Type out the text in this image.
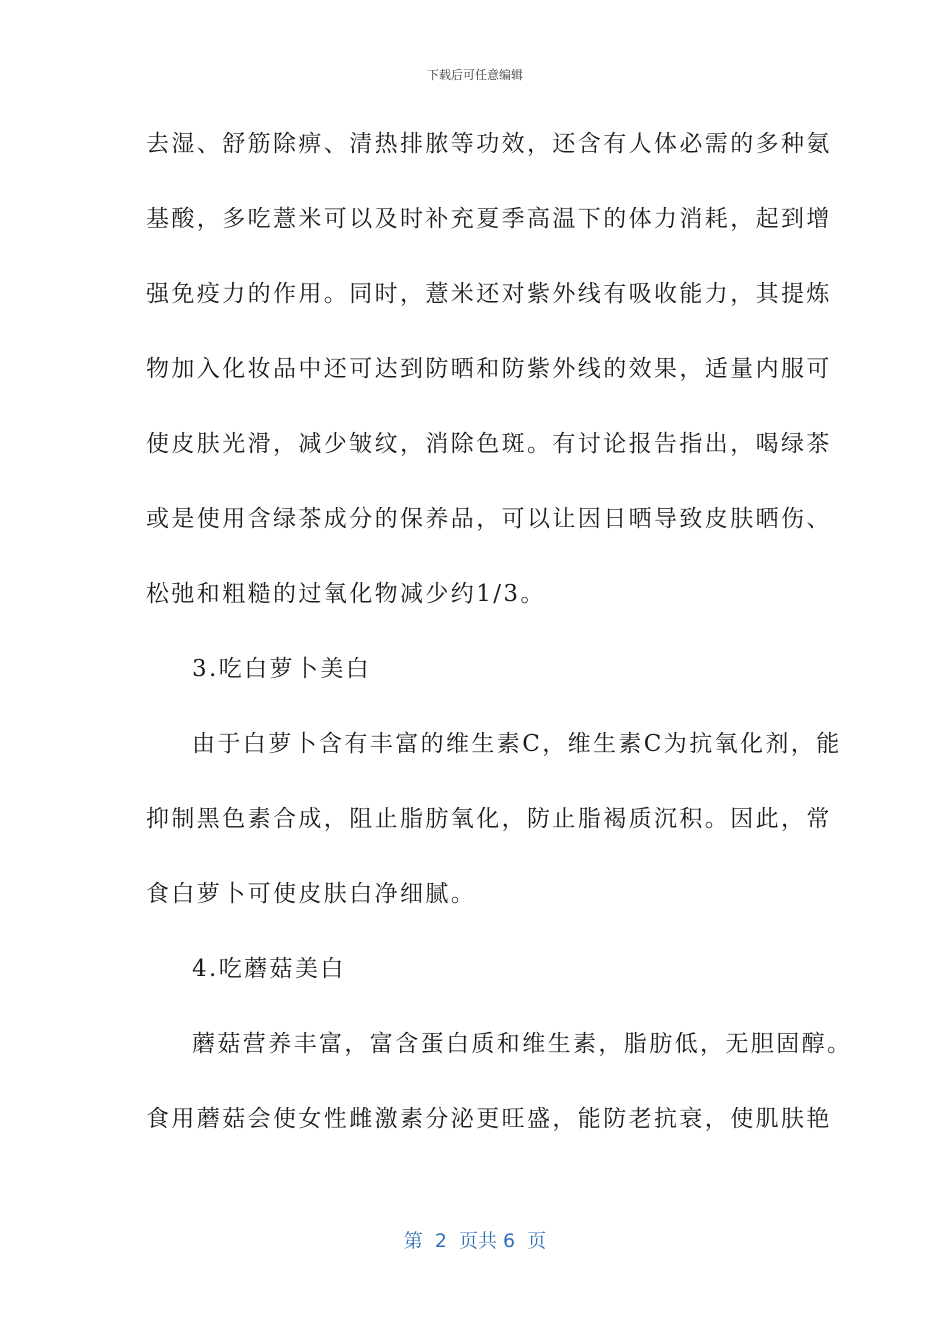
下载后可任意编辑
去湿、舒筋除痹、清热排脓等功效，还含有人体必需的多种氨
基酸，多吃薏米可以及时补充夏季高温下的体力消耗，起到增
强免疫力的作用。同时，薏米还对紫外线有吸收能力，其提炼
物加入化妆品中还可达到防晒和防紫外线的效果，适量内服可
使皮肤光滑，减少皱纹，消除色斑。有讨论报告指出，喝绿茶
或是使用含绿茶成分的保养品，可以让因日晒导致皮肤晒伤、
松弛和粗糙的过氧化物减少约1/3。
3.吃白萝卜美白
由于白萝卜含有丰富的维生素C，维生素C为抗氧化剂，能
抑制黑色素合成，阻止脂肪氧化，防止脂褐质沉积。因此，常
食白萝卜可使皮肤白净细腻。
4.吃蘑菇美白
蘑菇营养丰富，富含蛋白质和维生素，脂肪低，无胆固醇。
食用蘑菇会使女性雌激素分泌更旺盛，能防老抗衰，使肌肤艳
第  2  页共 6  页
